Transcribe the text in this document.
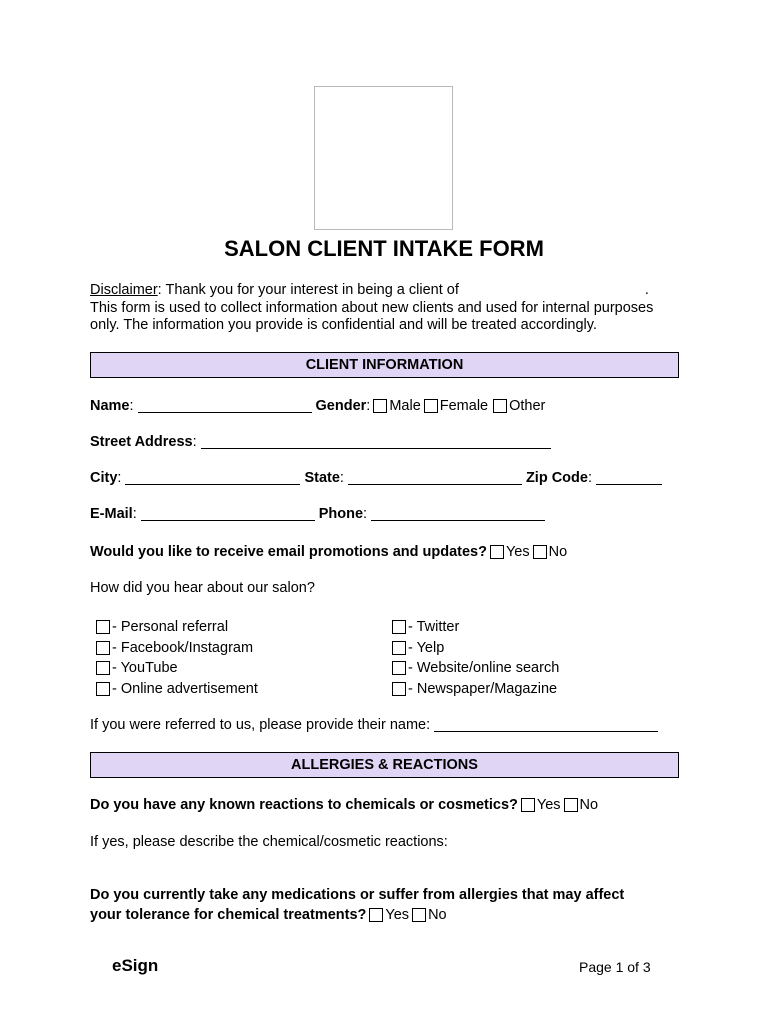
SALON CLIENT INTAKE FORM
Disclaimer: Thank you for your interest in being a client of	.
This form is used to collect information about new clients and used for internal purposes
only. The information you provide is confidential and will be treated accordingly.
CLIENT INFORMATION
Name :	Gender : Male Female Other
Street Address :
City :	State :	Zip Code :
E-Mail :	Phone :
Would you like to receive email promotions and updates? Yes No
How did you hear about our salon?
- Personal referral
- Facebook/Instagram
- YouTube
- Online advertisement
- Twitter
- Yelp
- Website/online search
- Newspaper/Magazine
If you were referred to us, please provide their name:
ALLERGIES & REACTIONS
Do you have any known reactions to chemicals or cosmetics? Yes No
If yes, please describe the chemical/cosmetic reactions:
Do you currently take any medications or suffer from allergies that may affect
your tolerance for chemical treatments? Yes No
eSign	Page 1 of 3
